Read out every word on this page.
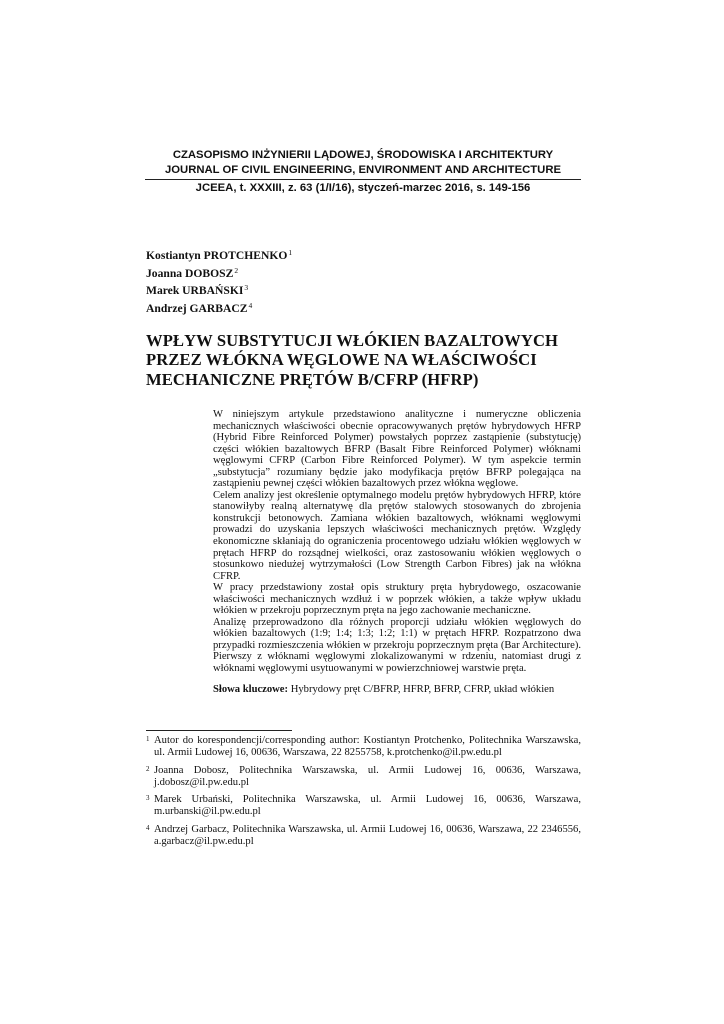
CZASOPISMO INŻYNIERII LĄDOWEJ, ŚRODOWISKA I ARCHITEKTURY
JOURNAL OF CIVIL ENGINEERING, ENVIRONMENT AND ARCHITECTURE
JCEEA, t. XXXIII, z. 63 (1/I/16), styczeń-marzec 2016, s. 149-156
Kostiantyn PROTCHENKO$^1$
Joanna DOBOSZ$^2$
Marek URBAŃSKI$^3$
Andrzej GARBACZ$^4$
WPŁYW SUBSTYTUCJI WŁÓKIEN BAZALTOWYCH
PRZEZ WŁÓKNA WĘGLOWE NA WŁAŚCIWOŚCI
MECHANICZNE PRĘTÓW B/CFRP (HFRP)

W niniejszym artykule przedstawiono analityczne i numeryczne obliczenia mechanicznych właściwości obecnie opracowywanych prętów hybrydowych HFRP (Hybrid Fibre Reinforced Polymer) powstałych poprzez zastąpienie (substytucję) części włókien bazaltowych BFRP (Basalt Fibre Reinforced Polymer) włóknami węglowymi CFRP (Carbon Fibre Reinforced Polymer). W tym aspekcie termin „substytucja” rozumiany będzie jako modyfikacja prętów BFRP polegająca na zastąpieniu pewnej części włókien bazaltowych przez włókna węglowe.

Celem analizy jest określenie optymalnego modelu prętów hybrydowych HFRP, które stanowiłyby realną alternatywę dla prętów stalowych stosowanych do zbrojenia konstrukcji betonowych. Zamiana włókien bazaltowych, włóknami węglowymi prowadzi do uzyskania lepszych właściwości mechanicznych prętów. Względy ekonomiczne skłaniają do ograniczenia procentowego udziału włókien węglowych w prętach HFRP do rozsądnej wielkości, oraz zastosowaniu włókien węglowych o stosunkowo niedużej wytrzymałości (Low Strength Carbon Fibres) jak na włókna CFRP.

W pracy przedstawiony został opis struktury pręta hybrydowego, oszacowanie właściwości mechanicznych wzdłuż i w poprzek włókien, a także wpływ układu włókien w przekroju poprzecznym pręta na jego zachowanie mechaniczne.

Analizę przeprowadzono dla różnych proporcji udziału włókien węglowych do włókien bazaltowych (1:9; 1:4; 1:3; 1:2; 1:1) w prętach HFRP. Rozpatrzono dwa przypadki rozmieszczenia włókien w przekroju poprzecznym pręta (Bar Architecture). Pierwszy z włóknami węglowymi zlokalizowanymi w rdzeniu, natomiast drugi z włóknami węglowymi usytuowanymi w powierzchniowej warstwie pręta.

Słowa kluczowe: Hybrydowy pręt C/BFRP, HFRP, BFRP, CFRP, układ włókien

1 Autor do korespondencji/corresponding author: Kostiantyn Protchenko, Politechnika Warszawska, ul. Armii Ludowej 16, 00636, Warszawa, 22 8255758, k.protchenko@il.pw.edu.pl
2 Joanna Dobosz, Politechnika Warszawska, ul. Armii Ludowej 16, 00636, Warszawa, j.dobosz@il.pw.edu.pl
3 Marek Urbański, Politechnika Warszawska, ul. Armii Ludowej 16, 00636, Warszawa, m.urbanski@il.pw.edu.pl
4 Andrzej Garbacz, Politechnika Warszawska, ul. Armii Ludowej 16, 00636, Warszawa, 22 2346556, a.garbacz@il.pw.edu.pl
